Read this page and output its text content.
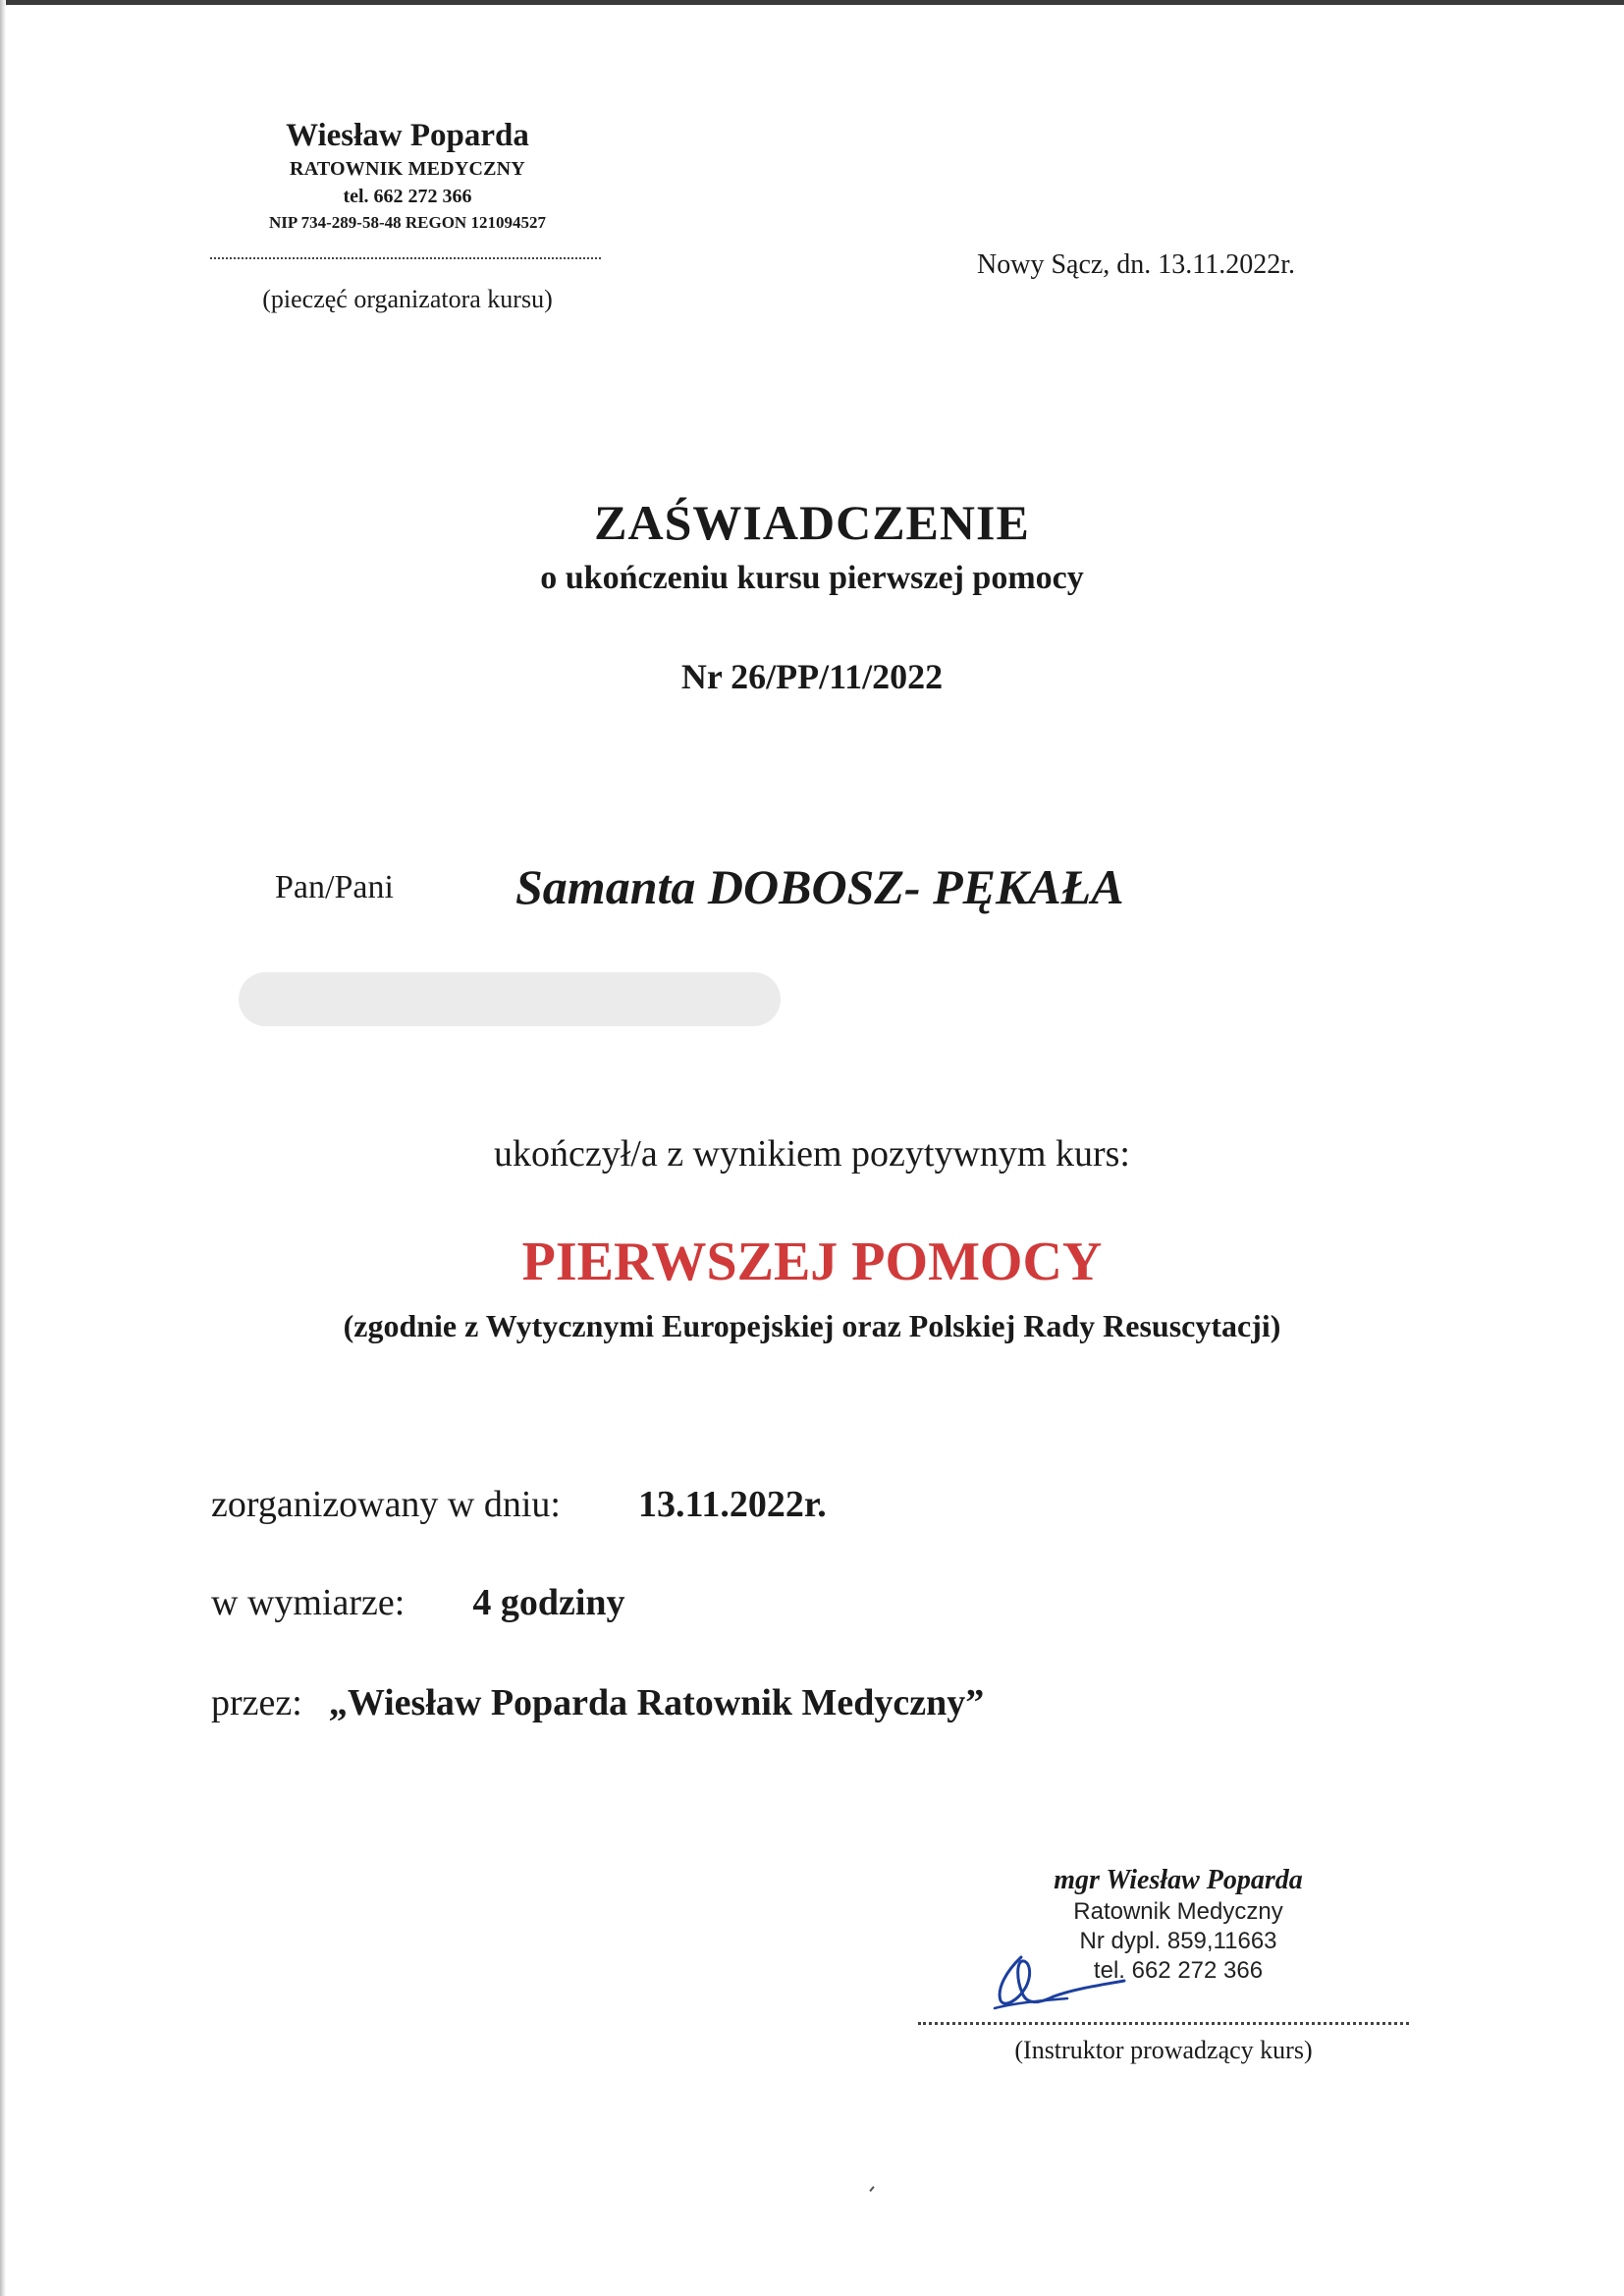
Wiesław Poparda
RATOWNIK MEDYCZNY
tel. 662 272 366
NIP 734-289-58-48 REGON 121094527
(pieczęć organizatora kursu)
Nowy Sącz, dn. 13.11.2022r.
ZAŚWIADCZENIE
o ukończeniu kursu pierwszej pomocy
Nr 26/PP/11/2022
Pan/Pani Samanta DOBOSZ- PĘKAŁA
ukończył/a z wynikiem pozytywnym kurs:
PIERWSZEJ POMOCY
(zgodnie z Wytycznymi Europejskiej oraz Polskiej Rady Resuscytacji)
zorganizowany w dniu: 13.11.2022r.
w wymiarze: 4 godziny
przez: „Wiesław Poparda Ratownik Medyczny”
mgr Wiesław Poparda
Ratownik Medyczny
Nr dypl. 859,11663
tel. 662 272 366
(Instruktor prowadzący kurs)
